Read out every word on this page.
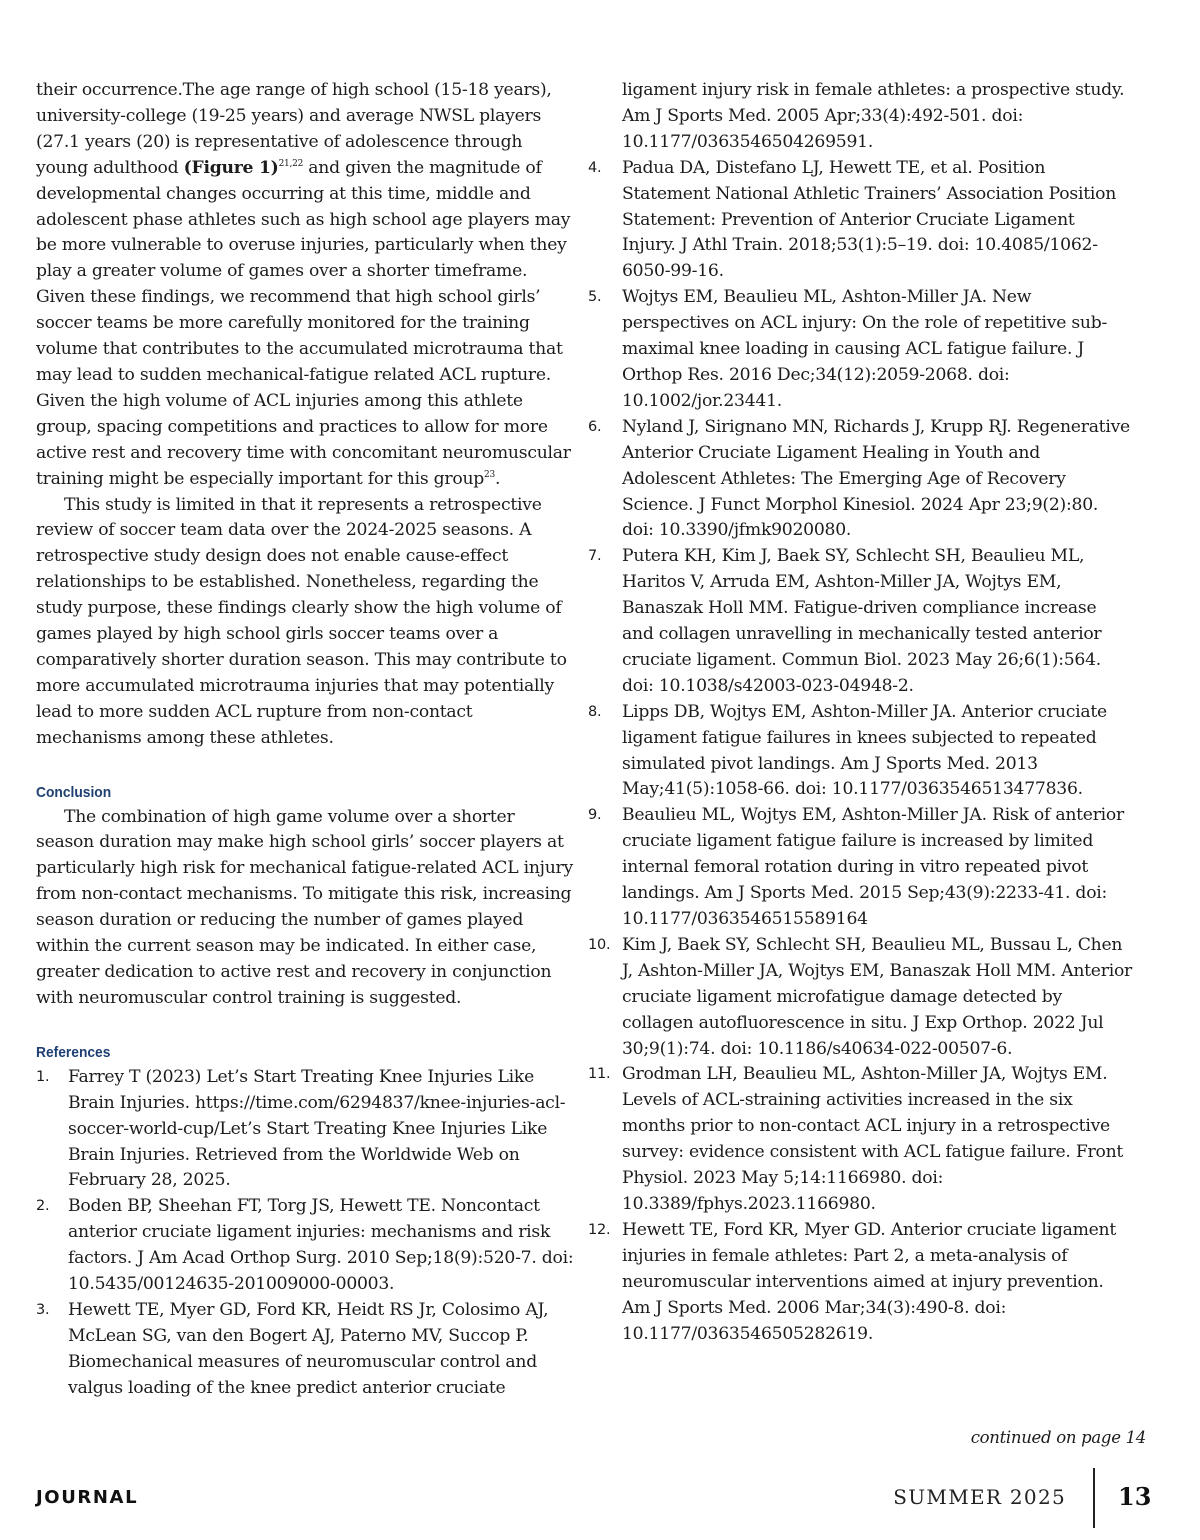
their occurrence.The age range of high school (15-18 years), university-college (19-25 years) and average NWSL players (27.1 years (20) is representative of adolescence through young adulthood (Figure 1)$^{21,22}$ and given the magnitude of developmental changes occurring at this time, middle and adolescent phase athletes such as high school age players may be more vulnerable to overuse injuries, particularly when they play a greater volume of games over a shorter timeframe. Given these findings, we recommend that high school girls’ soccer teams be more carefully monitored for the training volume that contributes to the accumulated microtrauma that may lead to sudden mechanical-fatigue related ACL rupture. Given the high volume of ACL injuries among this athlete group, spacing competitions and practices to allow for more active rest and recovery time with concomitant neuromuscular training might be especially important for this group$^{23}$.

This study is limited in that it represents a retrospective review of soccer team data over the 2024-2025 seasons. A retrospective study design does not enable cause-effect relationships to be established. Nonetheless, regarding the study purpose, these findings clearly show the high volume of games played by high school girls soccer teams over a comparatively shorter duration season. This may contribute to more accumulated microtrauma injuries that may potentially lead to more sudden ACL rupture from non-contact mechanisms among these athletes.

Conclusion

The combination of high game volume over a shorter season duration may make high school girls’ soccer players at particularly high risk for mechanical fatigue-related ACL injury from non-contact mechanisms. To mitigate this risk, increasing season duration or reducing the number of games played within the current season may be indicated. In either case, greater dedication to active rest and recovery in conjunction with neuromuscular control training is suggested.

References
1.	Farrey T (2023) Let’s Start Treating Knee Injuries Like Brain Injuries. https://time.com/6294837/knee-injuries-acl-soccer-world-cup/Let’s Start Treating Knee Injuries Like Brain Injuries. Retrieved from the Worldwide Web on February 28, 2025.
2.	Boden BP, Sheehan FT, Torg JS, Hewett TE. Noncontact anterior cruciate ligament injuries: mechanisms and risk factors. J Am Acad Orthop Surg. 2010 Sep;18(9):520-7. doi: 10.5435/00124635-201009000-00003.
3.	Hewett TE, Myer GD, Ford KR, Heidt RS Jr, Colosimo AJ, McLean SG, van den Bogert AJ, Paterno MV, Succop P. Biomechanical measures of neuromuscular control and valgus loading of the knee predict anterior cruciate
ligament injury risk in female athletes: a prospective study. Am J Sports Med. 2005 Apr;33(4):492-501. doi: 10.1177/0363546504269591.
4.	Padua DA, Distefano LJ, Hewett TE, et al. Position Statement National Athletic Trainers’ Association Position Statement: Prevention of Anterior Cruciate Ligament Injury. J Athl Train. 2018;53(1):5–19. doi: 10.4085/1062-6050-99-16.
5.	Wojtys EM, Beaulieu ML, Ashton-Miller JA. New perspectives on ACL injury: On the role of repetitive sub-maximal knee loading in causing ACL fatigue failure. J Orthop Res. 2016 Dec;34(12):2059-2068. doi: 10.1002/jor.23441.
6.	Nyland J, Sirignano MN, Richards J, Krupp RJ. Regenerative Anterior Cruciate Ligament Healing in Youth and Adolescent Athletes: The Emerging Age of Recovery Science. J Funct Morphol Kinesiol. 2024 Apr 23;9(2):80. doi: 10.3390/jfmk9020080.
7.	Putera KH, Kim J, Baek SY, Schlecht SH, Beaulieu ML, Haritos V, Arruda EM, Ashton-Miller JA, Wojtys EM, Banaszak Holl MM. Fatigue-driven compliance increase and collagen unravelling in mechanically tested anterior cruciate ligament. Commun Biol. 2023 May 26;6(1):564. doi: 10.1038/s42003-023-04948-2.
8.	Lipps DB, Wojtys EM, Ashton-Miller JA. Anterior cruciate ligament fatigue failures in knees subjected to repeated simulated pivot landings. Am J Sports Med. 2013 May;41(5):1058-66. doi: 10.1177/0363546513477836.
9.	Beaulieu ML, Wojtys EM, Ashton-Miller JA. Risk of anterior cruciate ligament fatigue failure is increased by limited internal femoral rotation during in vitro repeated pivot landings. Am J Sports Med. 2015 Sep;43(9):2233-41. doi: 10.1177/0363546515589164
10. Kim J, Baek SY, Schlecht SH, Beaulieu ML, Bussau L, Chen J, Ashton-Miller JA, Wojtys EM, Banaszak Holl MM. Anterior cruciate ligament microfatigue damage detected by collagen autofluorescence in situ. J Exp Orthop. 2022 Jul 30;9(1):74. doi: 10.1186/s40634-022-00507-6.
11. Grodman LH, Beaulieu ML, Ashton-Miller JA, Wojtys EM. Levels of ACL-straining activities increased in the six months prior to non-contact ACL injury in a retrospective survey: evidence consistent with ACL fatigue failure. Front Physiol. 2023 May 5;14:1166980. doi: 10.3389/fphys.2023.1166980.
12. Hewett TE, Ford KR, Myer GD. Anterior cruciate ligament injuries in female athletes: Part 2, a meta-analysis of neuromuscular interventions aimed at injury prevention. Am J Sports Med. 2006 Mar;34(3):490-8. doi: 10.1177/0363546505282619.
continued on page 14
JOURNAL	SUMMER 2025 13
